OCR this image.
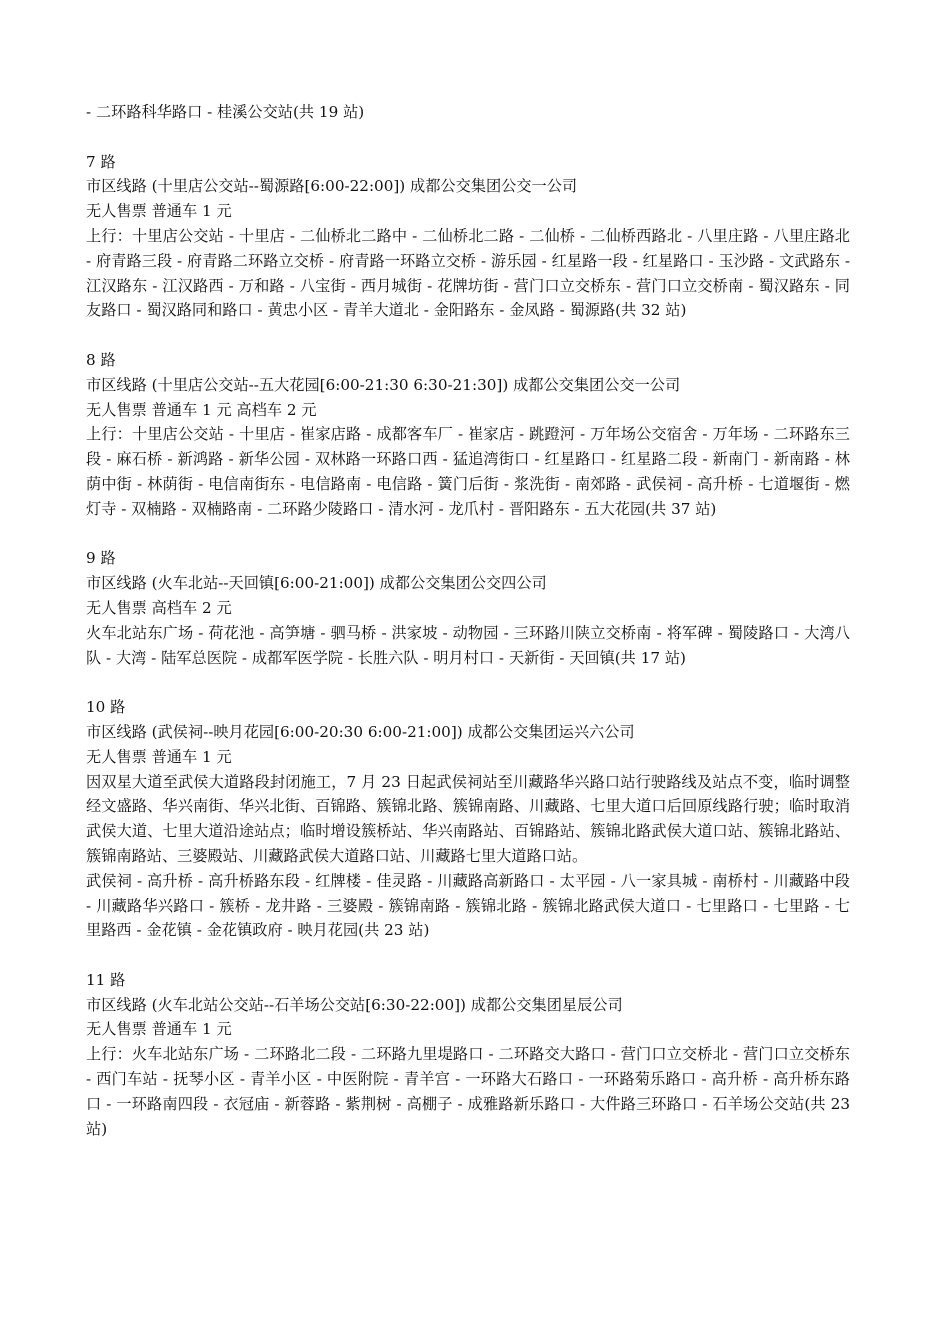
- 二环路科华路口 - 桂溪公交站(共 19 站)

7 路

市区线路 (十里店公交站--蜀源路[6:00-22:00]) 成都公交集团公交一公司

无人售票 普通车 1 元

上行：十里店公交站 - 十里店 - 二仙桥北二路中 - 二仙桥北二路 - 二仙桥 - 二仙桥西路北 - 八里庄路 - 八里庄路北 - 府青路三段 - 府青路二环路立交桥 - 府青路一环路立交桥 - 游乐园 - 红星路一段 - 红星路口 - 玉沙路 - 文武路东 - 江汉路东 - 江汉路西 - 万和路 - 八宝街 - 西月城街 - 花牌坊街 - 营门口立交桥东 - 营门口立交桥南 - 蜀汉路东 - 同友路口 - 蜀汉路同和路口 - 黄忠小区 - 青羊大道北 - 金阳路东 - 金凤路 - 蜀源路(共 32 站)

8 路

市区线路 (十里店公交站--五大花园[6:00-21:30 6:30-21:30]) 成都公交集团公交一公司

无人售票 普通车 1 元 高档车 2 元

上行：十里店公交站 - 十里店 - 崔家店路 - 成都客车厂 - 崔家店 - 跳蹬河 - 万年场公交宿舍 - 万年场 - 二环路东三段 - 麻石桥 - 新鸿路 - 新华公园 - 双林路一环路口西 - 猛追湾街口 - 红星路口 - 红星路二段 - 新南门 - 新南路 - 林荫中街 - 林荫街 - 电信南街东 - 电信路南 - 电信路 - 簧门后街 - 浆洗街 - 南郊路 - 武侯祠 - 高升桥 - 七道堰街 - 燃灯寺 - 双楠路 - 双楠路南 - 二环路少陵路口 - 清水河 - 龙爪村 - 晋阳路东 - 五大花园(共 37 站)

9 路

市区线路 (火车北站--天回镇[6:00-21:00]) 成都公交集团公交四公司

无人售票 高档车 2 元

火车北站东广场 - 荷花池 - 高笋塘 - 驷马桥 - 洪家坡 - 动物园 - 三环路川陕立交桥南 - 将军碑 - 蜀陵路口 - 大湾八队 - 大湾 - 陆军总医院 - 成都军医学院 - 长胜六队 - 明月村口 - 天新街 - 天回镇(共 17 站)

10 路

市区线路 (武侯祠--映月花园[6:00-20:30 6:00-21:00]) 成都公交集团运兴六公司

无人售票 普通车 1 元

因双星大道至武侯大道路段封闭施工，7 月 23 日起武侯祠站至川藏路华兴路口站行驶路线及站点不变，临时调整经文盛路、华兴南街、华兴北街、百锦路、簇锦北路、簇锦南路、川藏路、七里大道口后回原线路行驶；临时取消武侯大道、七里大道沿途站点；临时增设簇桥站、华兴南路站、百锦路站、簇锦北路武侯大道口站、簇锦北路站、簇锦南路站、三婆殿站、川藏路武侯大道路口站、川藏路七里大道路口站。

武侯祠 - 高升桥 - 高升桥路东段 - 红牌楼 - 佳灵路 - 川藏路高新路口 - 太平园 - 八一家具城 - 南桥村 - 川藏路中段 - 川藏路华兴路口 - 簇桥 - 龙井路 - 三婆殿 - 簇锦南路 - 簇锦北路 - 簇锦北路武侯大道口 - 七里路口 - 七里路 - 七里路西 - 金花镇 - 金花镇政府 - 映月花园(共 23 站)

11 路

市区线路 (火车北站公交站--石羊场公交站[6:30-22:00]) 成都公交集团星辰公司

无人售票 普通车 1 元

上行：火车北站东广场 - 二环路北二段 - 二环路九里堤路口 - 二环路交大路口 - 营门口立交桥北 - 营门口立交桥东 - 西门车站 - 抚琴小区 - 青羊小区 - 中医附院 - 青羊宫 - 一环路大石路口 - 一环路菊乐路口 - 高升桥 - 高升桥东路口 - 一环路南四段 - 衣冠庙 - 新蓉路 - 紫荆树 - 高棚子 - 成雅路新乐路口 - 大件路三环路口 - 石羊场公交站(共 23 站)
